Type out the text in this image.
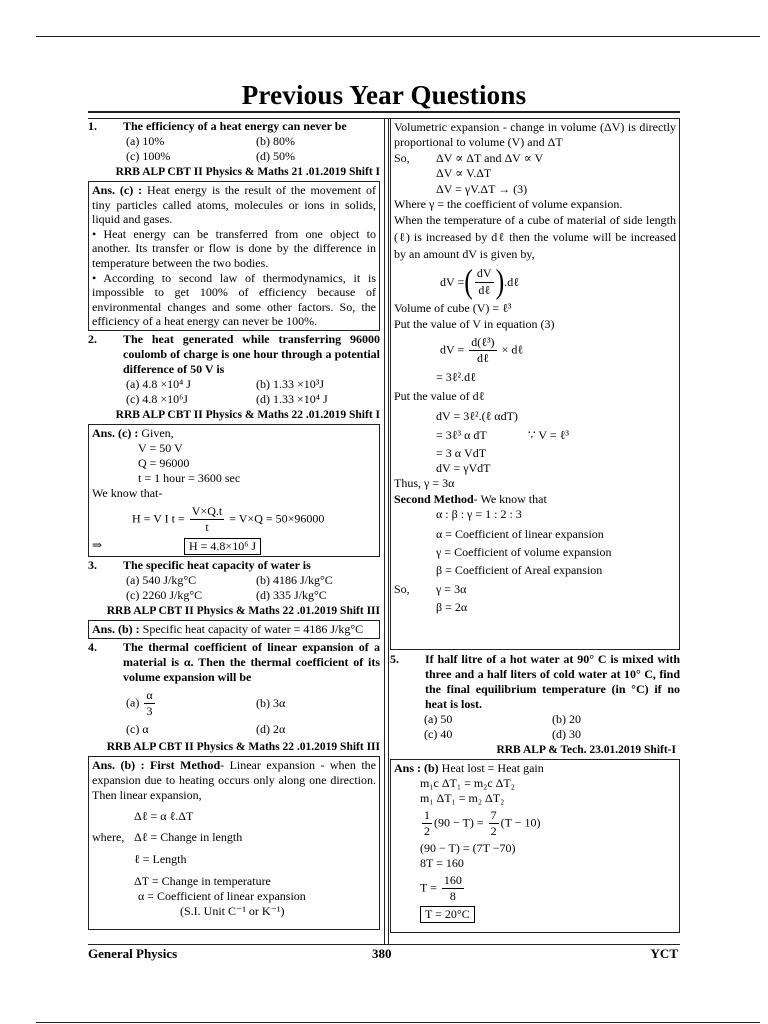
Previous Year Questions
1.	The efficiency of a heat energy can never be
(a) 10%	(b) 80%
(c) 100%	(d) 50%
RRB ALP CBT II Physics & Maths 21 .01.2019 Shift I
Ans. (c) : Heat energy is the result of the movement of tiny particles called atoms, molecules or ions in solids, liquid and gases.
• Heat energy can be transferred from one object to another. Its transfer or flow is done by the difference in temperature between the two bodies.
• According to second law of thermodynamics, it is impossible to get 100% of efficiency because of environmental changes and some other factors. So, the efficiency of a heat energy can never be 100%.
2.	The heat generated while transferring 96000 coulomb of charge is one hour through a potential difference of 50 V is
(a) 4.8 ×10⁴ J	(b) 1.33 ×10³J
(c) 4.8 ×10⁶J	(d) 1.33 ×10⁴ J
RRB ALP CBT II Physics & Maths 22 .01.2019 Shift I
Ans. (c) : Given,
V = 50 V
Q = 96000
t = 1 hour = 3600 sec
We know that-
H = V I $t = \frac{V\times Q.t}{t} = V\times Q = 50\times 96000$
⇒	H = 4.8×10⁶ J
3.	The specific heat capacity of water is
(a) 540 J/kg°C	(b) 4186 J/kg°C
(c) 2260 J/kg°C	(d) 335 J/kg°C
RRB ALP CBT II Physics & Maths 22 .01.2019 Shift III
Ans. (b) : Specific heat capacity of water = 4186 J/kg°C
4.	The thermal coefficient of linear expansion of a material is α. Then the thermal coefficient of its volume expansion will be
$(a) \frac{\alpha}{3}$	(b) 3α
(c) α	(d) 2α
RRB ALP CBT II Physics & Maths 22 .01.2019 Shift III
Ans. (b) : First Method- Linear expansion - when the expansion due to heating occurs only along one direction. Then linear expansion,
Δℓ = α ℓ.ΔT
where, Δℓ = Change in length
ℓ = Length
ΔT = Change in temperature
α = Coefficient of linear expansion
(S.I. Unit C⁻¹ or K⁻¹)
Volumetric expansion - change in volume (ΔV) is directly proportional to volume (V) and ΔT
So,	ΔV ∝ ΔT and ΔV ∝ V
ΔV ∝ V.ΔT
ΔV = γV.ΔT → (3)
Where γ = the coefficient of volume expansion.
When the temperature of a cube of material of side length (ℓ) is increased by dℓ then the volume will be increased by an amount dV is given by,
dV = ( $\frac{dV}{\text{dℓ}}$ ) .dℓ
Volume of cube (V) = ℓ³
Put the value of V in equation (3)
dV = $\frac{\text{d(ℓ³)}}{\text{dℓ}}$ × dℓ
= 3ℓ².dℓ
Put the value of dℓ
dV = 3ℓ².(ℓ αdT)
= 3ℓ³ α dT	∵ V = ℓ³
= 3 α VdT
dV = γVdT
Thus, γ = 3α
Second Method- We know that
α : β : γ = 1 : 2 : 3
α = Coefficient of linear expansion
γ = Coefficient of volume expansion
β = Coefficient of Areal expansion
So,	γ = 3α
β = 2α
5.	If half litre of a hot water at 90° C is mixed with three and a half liters of cold water at 10° C, find the final equilibrium temperature (in °C) if no heat is lost.
(a) 50	(b) 20
(c) 40	(d) 30
RRB ALP & Tech. 23.01.2019 Shift-I
Ans : (b) Heat lost = Heat gain
m₁c ΔT₁ = m₂c ΔT₂
m₁ ΔT₁ = m₂ ΔT₂
$\frac{1}{2} (90 - T) = \frac{7}{2} (T - 10)$
(90 − T) = (7T −70)
8T = 160
$T = \frac{160}{8}$
T = 20°C
General Physics	380	YCT
